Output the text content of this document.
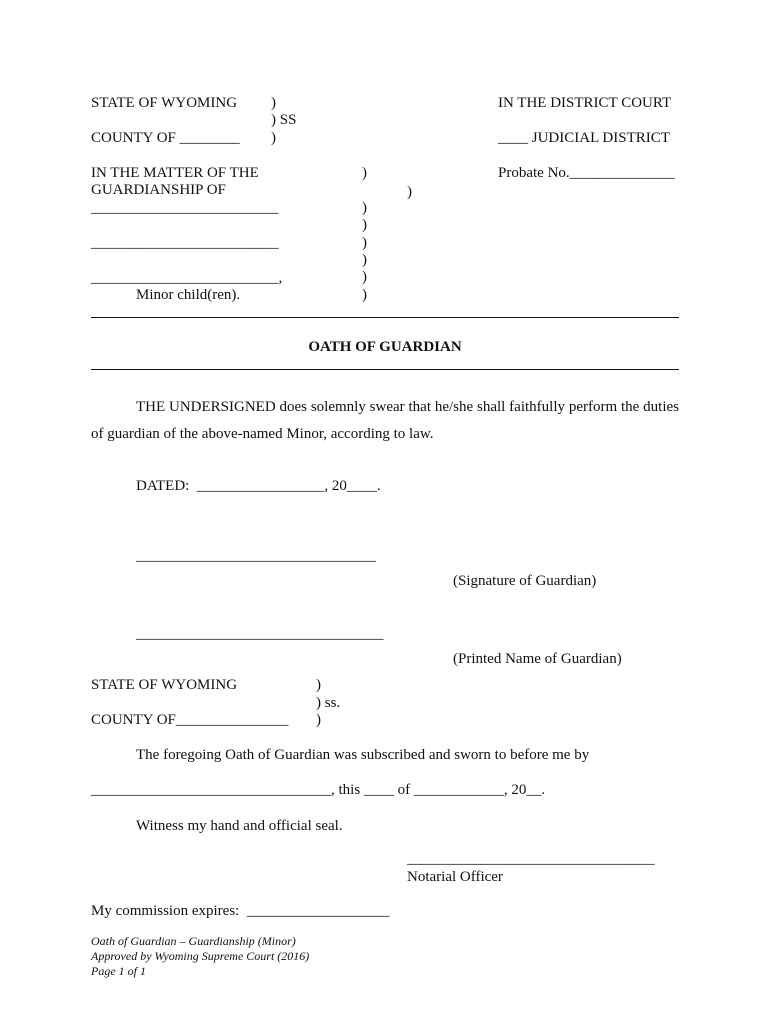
STATE OF WYOMING )
) SS
COUNTY OF ________ )
IN THE DISTRICT COURT
____ JUDICIAL DISTRICT
IN THE MATTER OF THE
GUARDIANSHIP OF
Probate No.______________
)
)
)
)
)
)
)
)
_________________________
_________________________
_________________________,
Minor child(ren).
OATH OF GUARDIAN
THE UNDERSIGNED does solemnly swear that he/she shall faithfully perform the duties of guardian of the above-named Minor, according to law.
DATED:  _________________, 20____.
________________________________
(Signature of Guardian)
_________________________________
(Printed Name of Guardian)
STATE OF WYOMING	)
) ss.
COUNTY OF_______________ )
The foregoing Oath of Guardian was subscribed and sworn to before me by
________________________________, this ____ of ____________, 20__.
Witness my hand and official seal.
_________________________________
Notarial Officer
My commission expires:  ___________________
Oath of Guardian – Guardianship (Minor)
Approved by Wyoming Supreme Court (2016)
Page 1 of 1
